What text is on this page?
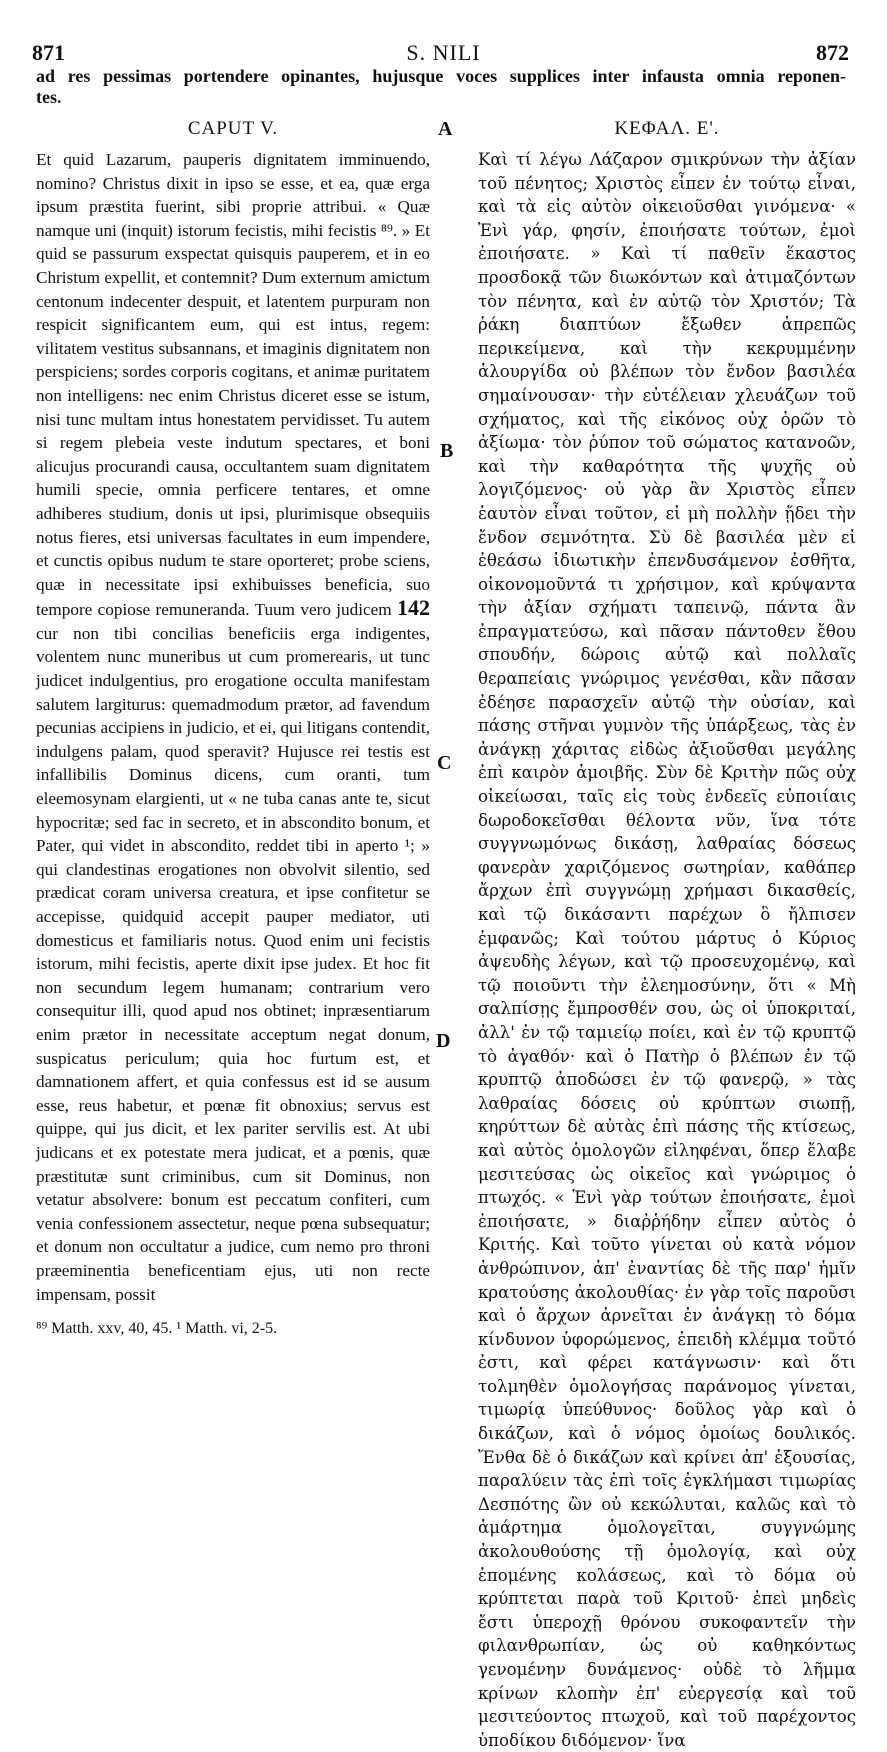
871	S. NILI	872
ad res pessimas portendere opinantes, hujusque voces supplices inter infausta omnia reponen-
tes.
CAPUT V.

Et quid Lazarum, pauperis dignitatem imminuendo, nomino? Christus dixit in ipso se esse, et ea, quæ erga ipsum præstita fuerint, sibi proprie attribui. « Quæ namque uni (inquit) istorum fecistis, mihi fecistis ⁸⁹. » Et quid se passurum exspectat quisquis pauperem, et in eo Christum expellit, et contemnit? Dum externum amictum centonum indecenter despuit, et latentem purpuram non respicit significantem eum, qui est intus, regem: vilitatem vestitus subsannans, et imaginis dignitatem non perspiciens; sordes corporis cogitans, et animæ puritatem non intelligens: nec enim Christus diceret esse se istum, nisi tunc multam intus honestatem pervidisset. Tu autem si regem plebeia veste indutum spectares, et boni alicujus procurandi causa, occultantem suam dignitatem humili specie, omnia perficere tentares, et omne adhiberes studium, donis ut ipsi, plurimisque obsequiis notus fieres, etsi universas facultates in eum impendere, et cunctis opibus nudum te stare oporteret; probe sciens, quæ in necessitate ipsi exhibuisses beneficia, suo tempore copiose remuneranda. Tuum vero judicem 142 cur non tibi concilias beneficiis erga indigentes, volentem nunc muneribus ut cum promerearis, ut tunc judicet indulgentius, pro erogatione occulta manifestam salutem largiturus: quemadmodum prætor, ad favendum pecunias accipiens in judicio, et ei, qui litigans contendit, indulgens palam, quod speravit? Hujusce rei testis est infallibilis Dominus dicens, cum oranti, tum eleemosynam elargienti, ut « ne tuba canas ante te, sicut hypocritæ; sed fac in secreto, et in abscondito bonum, et Pater, qui videt in abscondito, reddet tibi in aperto ¹; » qui clandestinas erogationes non obvolvit silentio, sed prædicat coram universa creatura, et ipse confitetur se accepisse, quidquid accepit pauper mediator, uti domesticus et familiaris notus. Quod enim uni fecistis istorum, mihi fecistis, aperte dixit ipse judex. Et hoc fit non secundum legem humanam; contrarium vero consequitur illi, quod apud nos obtinet; inpræsentiarum enim prætor in necessitate acceptum negat donum, suspicatus periculum; quia hoc furtum est, et damnationem affert, et quia confessus est id se ausum esse, reus habetur, et pœnæ fit obnoxius; servus est quippe, qui jus dicit, et lex pariter servilis est. At ubi judicans et ex potestate mera judicat, et a pœnis, quæ præstitutæ sunt criminibus, cum sit Dominus, non vetatur absolvere: bonum est peccatum confiteri, cum venia confessionem assectetur, neque pœna subsequatur; et donum non occultatur a judice, cum nemo pro throni præeminentia beneficentiam ejus, uti non recte impensam, possit

⁸⁹ Matth. xxv, 40, 45. ¹ Matth. vi, 2-5.
A
B
C
D
ΚΕΦΑΛ. Ε'.

Καὶ τί λέγω Λάζαρον σμικρύνων τὴν ἀξίαν τοῦ πένητος; Χριστὸς εἶπεν ἐν τούτῳ εἶναι, καὶ τὰ εἰς αὐτὸν οἰκειοῦσθαι γινόμενα· « Ἑνὶ γάρ, φησίν, ἐποιήσατε τούτων, ἐμοὶ ἐποιήσατε. » Καὶ τί παθεῖν ἕκαστος προσδοκᾷ τῶν διωκόντων καὶ ἀτιμαζόντων τὸν πένητα, καὶ ἐν αὐτῷ τὸν Χριστόν; Τὰ ῥάκη διαπτύων ἔξωθεν ἀπρεπῶς περικείμενα, καὶ τὴν κεκρυμμένην ἁλουργίδα οὐ βλέπων τὸν ἔνδον βασιλέα σημαίνουσαν· τὴν εὐτέλειαν χλευάζων τοῦ σχήματος, καὶ τῆς εἰκόνος οὐχ ὁρῶν τὸ ἀξίωμα· τὸν ῥύπον τοῦ σώματος κατανοῶν, καὶ τὴν καθαρότητα τῆς ψυχῆς οὐ λογιζόμενος· οὐ γὰρ ἂν Χριστὸς εἶπεν ἑαυτὸν εἶναι τοῦτον, εἰ μὴ πολλὴν ᾔδει τὴν ἔνδον σεμνότητα. Σὺ δὲ βασιλέα μὲν εἰ ἐθεάσω ἰδιωτικὴν ἐπενδυσάμενον ἐσθῆτα, οἰκονομοῦντά τι χρήσιμον, καὶ κρύψαντα τὴν ἀξίαν σχήματι ταπεινῷ, πάντα ἂν ἐπραγματεύσω, καὶ πᾶσαν πάντοθεν ἔθου σπουδήν, δώροις αὐτῷ καὶ πολλαῖς θεραπείαις γνώριμος γενέσθαι, κἂν πᾶσαν ἐδέησε παρασχεῖν αὐτῷ τὴν οὐσίαν, καὶ πάσης στῆναι γυμνὸν τῆς ὑπάρξεως, τὰς ἐν ἀνάγκῃ χάριτας εἰδὼς ἀξιοῦσθαι μεγάλης ἐπὶ καιρὸν ἀμοιβῆς. Σὺν δὲ Κριτὴν πῶς οὐχ οἰκείωσαι, ταῖς εἰς τοὺς ἐνδεεῖς εὐποιίαις δωροδοκεῖσθαι θέλοντα νῦν, ἵνα τότε συγγνωμόνως δικάσῃ, λαθραίας δόσεως φανερὰν χαριζόμενος σωτηρίαν, καθάπερ ἄρχων ἐπὶ συγγνώμῃ χρήμασι δικασθείς, καὶ τῷ δικάσαντι παρέχων ὃ ἤλπισεν ἐμφανῶς; Καὶ τούτου μάρτυς ὁ Κύριος ἀψευδὴς λέγων, καὶ τῷ προσευχομένῳ, καὶ τῷ ποιοῦντι τὴν ἐλεημοσύνην, ὅτι « Μὴ σαλπίσῃς ἔμπροσθέν σου, ὡς οἱ ὑποκριταί, ἀλλ' ἐν τῷ ταμιείῳ ποίει, καὶ ἐν τῷ κρυπτῷ τὸ ἀγαθόν· καὶ ὁ Πατὴρ ὁ βλέπων ἐν τῷ κρυπτῷ ἀποδώσει ἐν τῷ φανερῷ, » τὰς λαθραίας δόσεις οὐ κρύπτων σιωπῇ, κηρύττων δὲ αὐτὰς ἐπὶ πάσης τῆς κτίσεως, καὶ αὐτὸς ὁμολογῶν εἰληφέναι, ὅπερ ἔλαβε μεσιτεύσας ὡς οἰκεῖος καὶ γνώριμος ὁ πτωχός. « Ἑνὶ γὰρ τούτων ἐποιήσατε, ἐμοὶ ἐποιήσατε, » διαῤῥήδην εἶπεν αὐτὸς ὁ Κριτής. Καὶ τοῦτο γίνεται οὐ κατὰ νόμον ἀνθρώπινον, ἀπ' ἐναντίας δὲ τῆς παρ' ἡμῖν κρατούσης ἀκολουθίας· ἐν γὰρ τοῖς παροῦσι καὶ ὁ ἄρχων ἀρνεῖται ἐν ἀνάγκῃ τὸ δόμα κίνδυνον ὑφορώμενος, ἐπειδὴ κλέμμα τοῦτό ἐστι, καὶ φέρει κατάγνωσιν· καὶ ὅτι τολμηθὲν ὁμολογήσας παράνομος γίνεται, τιμωρίᾳ ὑπεύθυνος· δοῦλος γὰρ καὶ ὁ δικάζων, καὶ ὁ νόμος ὁμοίως δουλικός. Ἔνθα δὲ ὁ δικάζων καὶ κρίνει ἀπ' ἐξουσίας, παραλύειν τὰς ἐπὶ τοῖς ἐγκλήμασι τιμωρίας Δεσπότης ὢν οὐ κεκώλυται, καλῶς καὶ τὸ ἁμάρτημα ὁμολογεῖται, συγγνώμης ἀκολουθούσης τῇ ὁμολογίᾳ, καὶ οὐχ ἑπομένης κολάσεως, καὶ τὸ δόμα οὐ κρύπτεται παρὰ τοῦ Κριτοῦ· ἐπεὶ μηδεὶς ἔστι ὑπεροχῇ θρόνου συκοφαντεῖν τὴν φιλανθρωπίαν, ὡς οὐ καθηκόντως γενομένην δυνάμενος· οὐδὲ τὸ λῆμμα κρίνων κλοπὴν ἐπ' εὐεργεσίᾳ καὶ τοῦ μεσιτεύοντος πτωχοῦ, καὶ τοῦ παρέχοντος ὑποδίκου διδόμενον· ἵνα
